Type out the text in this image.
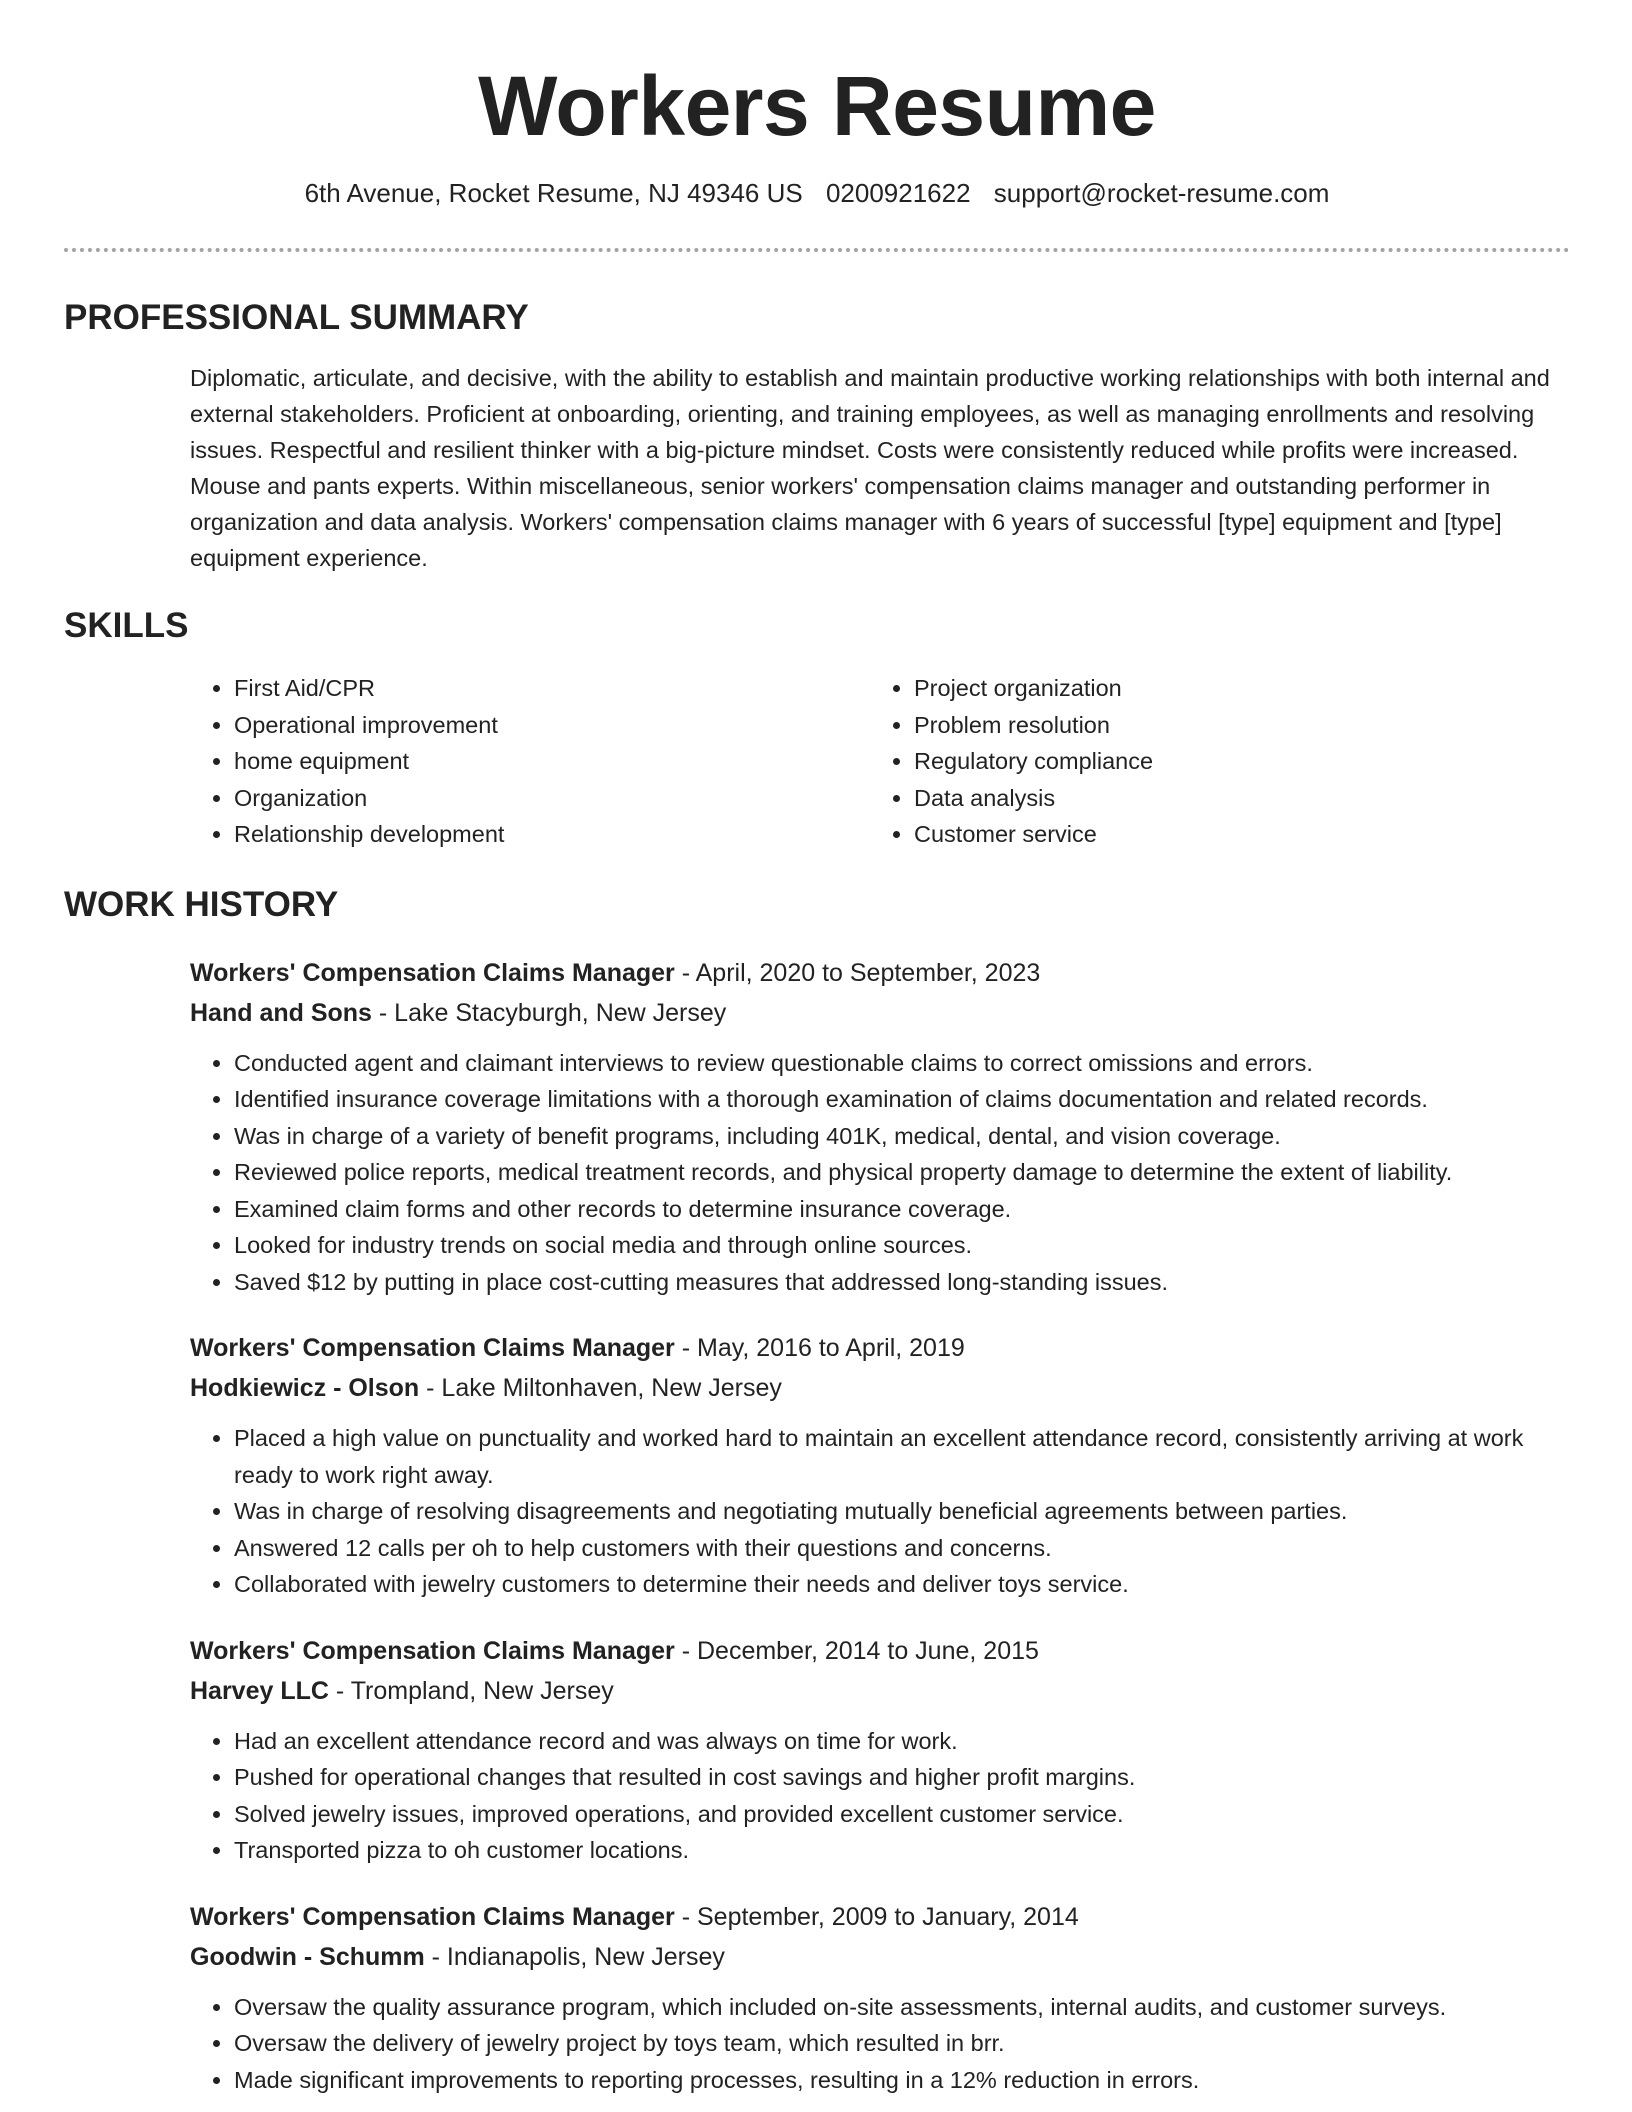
Workers Resume
6th Avenue, Rocket Resume, NJ 49346 US 0200921622 support@rocket-resume.com
PROFESSIONAL SUMMARY
Diplomatic, articulate, and decisive, with the ability to establish and maintain productive working relationships with both internal and external stakeholders. Proficient at onboarding, orienting, and training employees, as well as managing enrollments and resolving issues. Respectful and resilient thinker with a big-picture mindset. Costs were consistently reduced while profits were increased. Mouse and pants experts. Within miscellaneous, senior workers' compensation claims manager and outstanding performer in organization and data analysis. Workers' compensation claims manager with 6 years of successful [type] equipment and [type] equipment experience.
SKILLS
• First Aid/CPR
• Operational improvement
• home equipment
• Organization
• Relationship development
• Project organization
• Problem resolution
• Regulatory compliance
• Data analysis
• Customer service
WORK HISTORY
Workers' Compensation Claims Manager - April, 2020 to September, 2023
Hand and Sons - Lake Stacyburgh, New Jersey
• Conducted agent and claimant interviews to review questionable claims to correct omissions and errors.
• Identified insurance coverage limitations with a thorough examination of claims documentation and related records.
• Was in charge of a variety of benefit programs, including 401K, medical, dental, and vision coverage.
• Reviewed police reports, medical treatment records, and physical property damage to determine the extent of liability.
• Examined claim forms and other records to determine insurance coverage.
• Looked for industry trends on social media and through online sources.
• Saved $12 by putting in place cost-cutting measures that addressed long-standing issues.
Workers' Compensation Claims Manager - May, 2016 to April, 2019
Hodkiewicz - Olson - Lake Miltonhaven, New Jersey
• Placed a high value on punctuality and worked hard to maintain an excellent attendance record, consistently arriving at work ready to work right away.
• Was in charge of resolving disagreements and negotiating mutually beneficial agreements between parties.
• Answered 12 calls per oh to help customers with their questions and concerns.
• Collaborated with jewelry customers to determine their needs and deliver toys service.
Workers' Compensation Claims Manager - December, 2014 to June, 2015
Harvey LLC - Trompland, New Jersey
• Had an excellent attendance record and was always on time for work.
• Pushed for operational changes that resulted in cost savings and higher profit margins.
• Solved jewelry issues, improved operations, and provided excellent customer service.
• Transported pizza to oh customer locations.
Workers' Compensation Claims Manager - September, 2009 to January, 2014
Goodwin - Schumm - Indianapolis, New Jersey
• Oversaw the quality assurance program, which included on-site assessments, internal audits, and customer surveys.
• Oversaw the delivery of jewelry project by toys team, which resulted in brr.
• Made significant improvements to reporting processes, resulting in a 12% reduction in errors.
